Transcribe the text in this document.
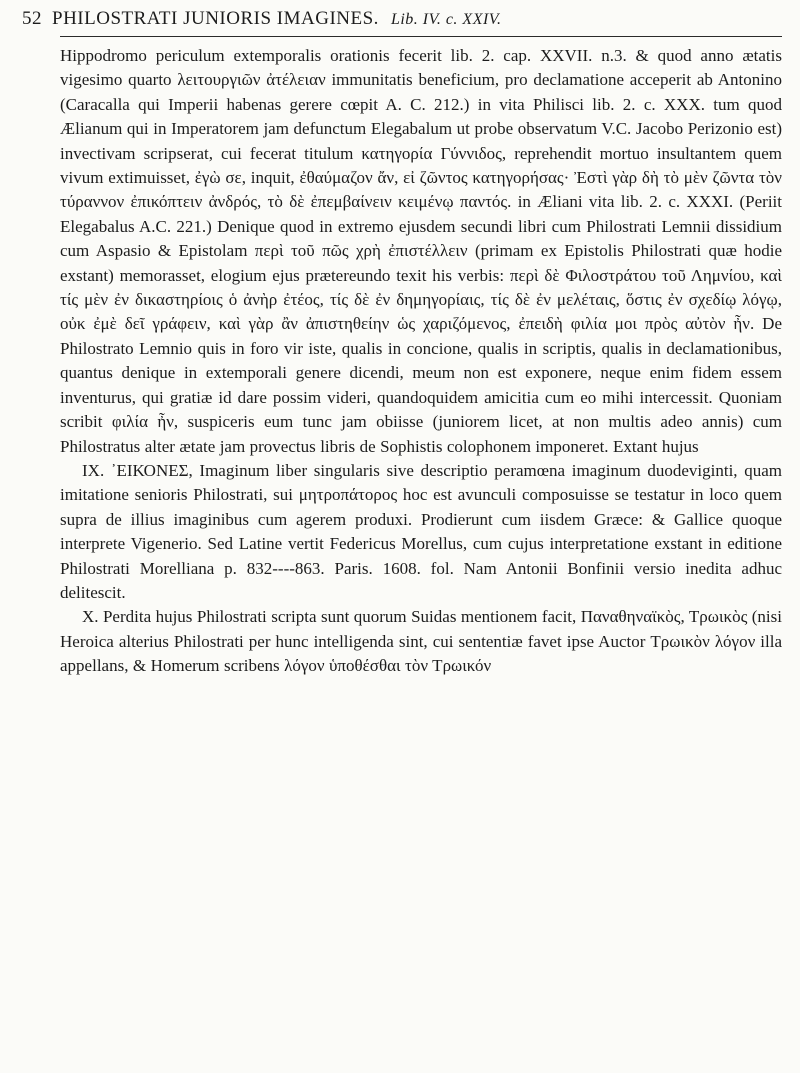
52 PHILOSTRATI JUNIORIS IMAGINES. Lib. IV. c. XXIV.

Hippodromo periculum extemporalis orationis fecerit lib. 2. cap. XXVII. n.3. & quod anno ætatis vigesimo quarto λειτουργιῶν ἀτέλειαν immunitatis beneficium, pro declamatione acceperit ab Antonino (Caracalla qui Imperii habenas gerere cœpit A. C. 212.) in vita Philisci lib. 2. c. XXX. tum quod Ælianum qui in Imperatorem jam defunctum Elegabalum ut probe observatum V.C. Jacobo Perizonio est) invectivam scripserat, cui fecerat titulum κατηγορία Γύννιδος, reprehendit mortuo insultantem quem vivum extimuisset, ἐγὼ σε, inquit, ἐθαύμαζον ἄν, εἰ ζῶντος κατηγορήσας· Ἐστὶ γὰρ δὴ τὸ μὲν ζῶντα τὸν τύραννον ἐπικόπτειν ἀνδρός, τὸ δὲ ἐπεμβαίνειν κειμένῳ παντός. in Æliani vita lib. 2. c. XXXI. (Periit Elegabalus A.C. 221.) Denique quod in extremo ejusdem secundi libri cum Philostrati Lemnii dissidium cum Aspasio & Epistolam περὶ τοῦ πῶς χρὴ ἐπιστέλλειν (primam ex Epistolis Philostrati quæ hodie exstant) memorasset, elogium ejus prætereundo texit his verbis: περὶ δὲ Φιλοστράτου τοῦ Λημνίου, καὶ τίς μὲν ἐν δικαστηρίοις ὁ ἀνὴρ ἐτέος, τίς δὲ ἐν δημηγορίαις, τίς δὲ ἐν μελέταις, ὅστις ἐν σχεδίῳ λόγῳ, οὐκ ἐμὲ δεῖ γράφειν, καὶ γὰρ ἂν ἀπιστηθείην ὡς χαριζόμενος, ἐπειδὴ φιλία μοι πρὸς αὐτὸν ἦν. De Philostrato Lemnio quis in foro vir iste, qualis in concione, qualis in scriptis, qualis in declamationibus, quantus denique in extemporali genere dicendi, meum non est exponere, neque enim fidem essem inventurus, qui gratiæ id dare possim videri, quandoquidem amicitia cum eo mihi intercessit. Quoniam scribit φιλία ἦν, suspiceris eum tunc jam obiisse (juniorem licet, at non multis adeo annis) cum Philostratus alter ætate jam provectus libris de Sophistis colophonem imponeret. Extant hujus

IX. ᾿ΕΙΚΟΝΕΣ, Imaginum liber singularis sive descriptio peramœna imaginum duodeviginti, quam imitatione senioris Philostrati, sui μητροπάτορος hoc est avunculi composuisse se testatur in loco quem supra de illius imaginibus cum agerem produxi. Prodierunt cum iisdem Græce: & Gallice quoque interprete Vigenerio. Sed Latine vertit Federicus Morellus, cum cujus interpretatione exstant in editione Philostrati Morelliana p. 832----863. Paris. 1608. fol. Nam Antonii Bonfinii versio inedita adhuc delitescit.

X. Perdita hujus Philostrati scripta sunt quorum Suidas mentionem facit, Παναθηναϊκὸς, Τρωικὸς (nisi Heroica alterius Philostrati per hunc intelligenda sint, cui sententiæ favet ipse Auctor Τρωικὸν λόγον illa appellans, & Homerum scribens λόγον ὑποθέσθαι τὸν Τρωικόν
